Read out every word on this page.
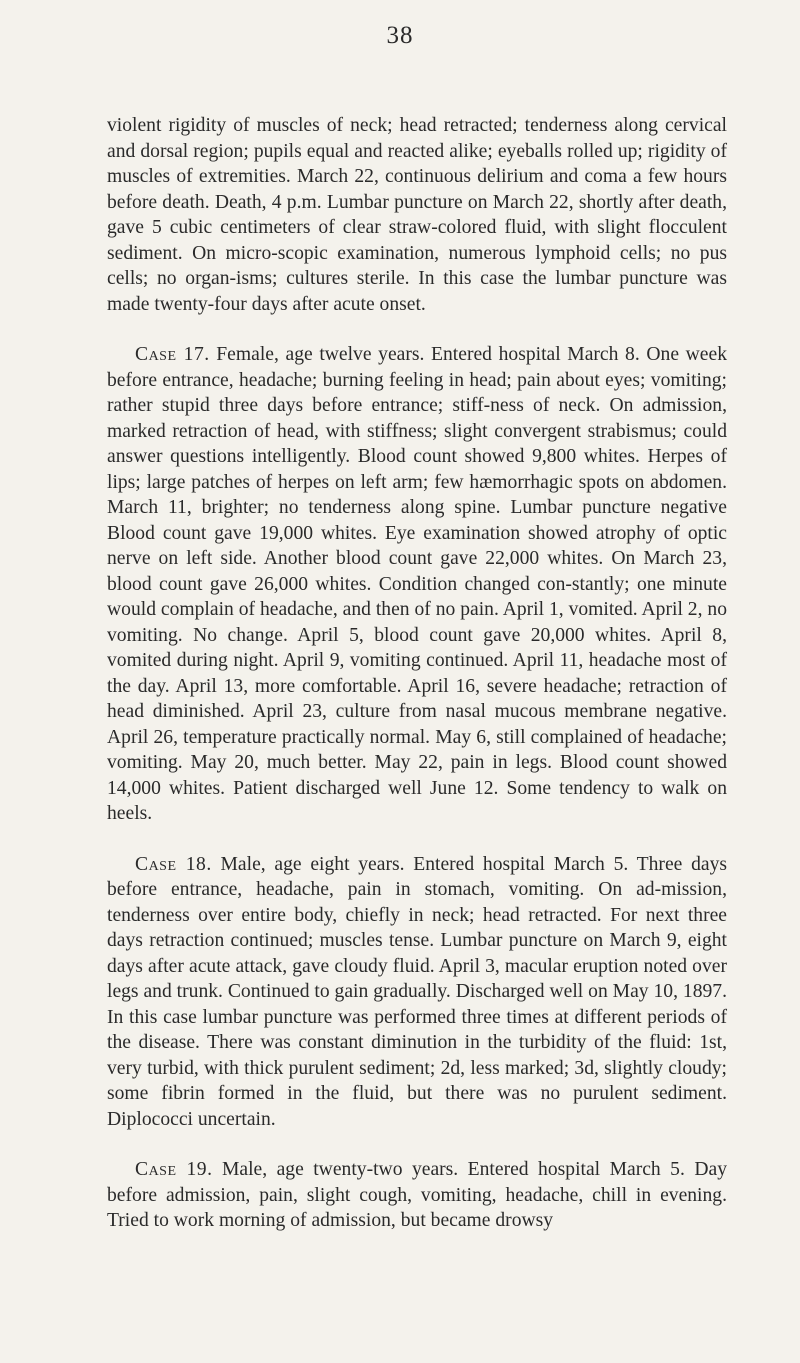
38

violent rigidity of muscles of neck; head retracted; tenderness along cervical and dorsal region; pupils equal and reacted alike; eyeballs rolled up; rigidity of muscles of extremities. March 22, continuous delirium and coma a few hours before death. Death, 4 p.m. Lumbar puncture on March 22, shortly after death, gave 5 cubic centimeters of clear straw-colored fluid, with slight flocculent sediment. On micro-scopic examination, numerous lymphoid cells; no pus cells; no organ-isms; cultures sterile. In this case the lumbar puncture was made twenty-four days after acute onset.

Case 17. Female, age twelve years. Entered hospital March 8. One week before entrance, headache; burning feeling in head; pain about eyes; vomiting; rather stupid three days before entrance; stiff-ness of neck. On admission, marked retraction of head, with stiffness; slight convergent strabismus; could answer questions intelligently. Blood count showed 9,800 whites. Herpes of lips; large patches of herpes on left arm; few hæmorrhagic spots on abdomen. March 11, brighter; no tenderness along spine. Lumbar puncture negative Blood count gave 19,000 whites. Eye examination showed atrophy of optic nerve on left side. Another blood count gave 22,000 whites. On March 23, blood count gave 26,000 whites. Condition changed con-stantly; one minute would complain of headache, and then of no pain. April 1, vomited. April 2, no vomiting. No change. April 5, blood count gave 20,000 whites. April 8, vomited during night. April 9, vomiting continued. April 11, headache most of the day. April 13, more comfortable. April 16, severe headache; retraction of head diminished. April 23, culture from nasal mucous membrane negative. April 26, temperature practically normal. May 6, still complained of headache; vomiting. May 20, much better. May 22, pain in legs. Blood count showed 14,000 whites. Patient discharged well June 12. Some tendency to walk on heels.

Case 18. Male, age eight years. Entered hospital March 5. Three days before entrance, headache, pain in stomach, vomiting. On ad-mission, tenderness over entire body, chiefly in neck; head retracted. For next three days retraction continued; muscles tense. Lumbar puncture on March 9, eight days after acute attack, gave cloudy fluid. April 3, macular eruption noted over legs and trunk. Continued to gain gradually. Discharged well on May 10, 1897. In this case lumbar puncture was performed three times at different periods of the disease. There was constant diminution in the turbidity of the fluid: 1st, very turbid, with thick purulent sediment; 2d, less marked; 3d, slightly cloudy; some fibrin formed in the fluid, but there was no purulent sediment. Diplococci uncertain.

Case 19. Male, age twenty-two years. Entered hospital March 5. Day before admission, pain, slight cough, vomiting, headache, chill in evening. Tried to work morning of admission, but became drowsy
